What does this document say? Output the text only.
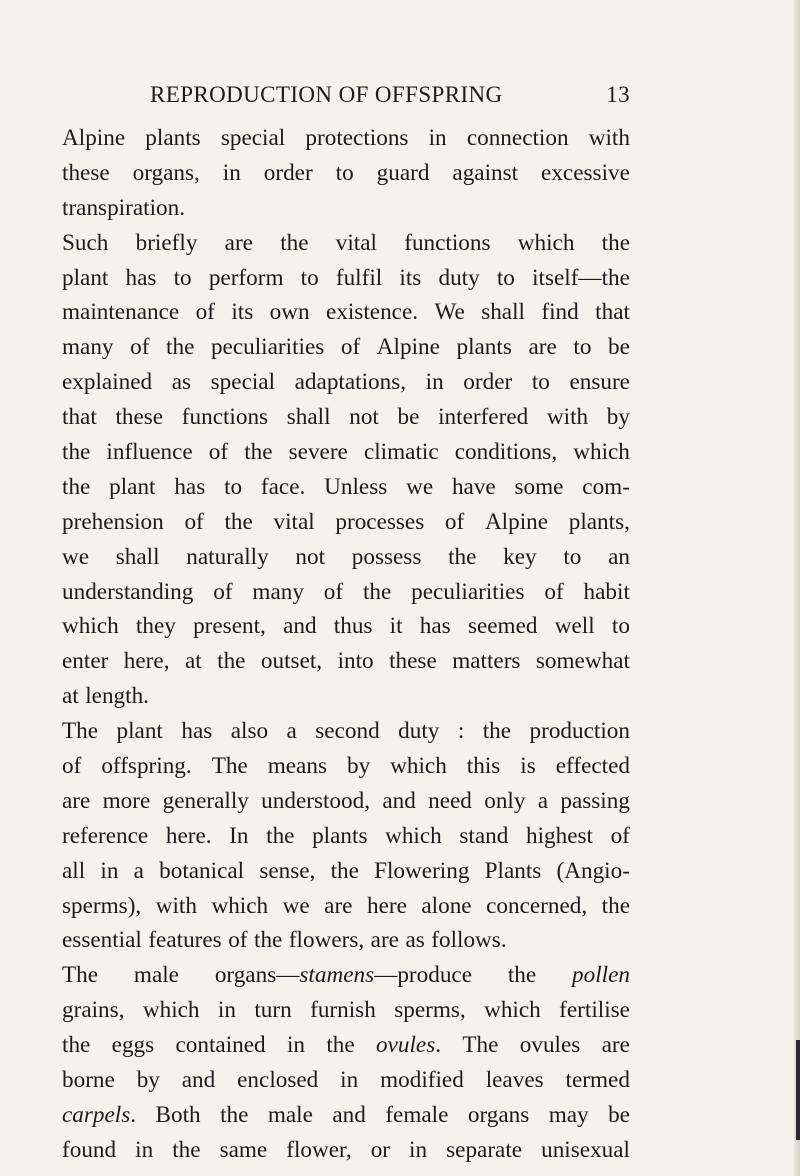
REPRODUCTION OF OFFSPRING	13
Alpine plants special protections in connection with
these organs, in order to guard against excessive
transpiration.
Such briefly are the vital functions which the
plant has to perform to fulfil its duty to itself—the
maintenance of its own existence. We shall find that
many of the peculiarities of Alpine plants are to be
explained as special adaptations, in order to ensure
that these functions shall not be interfered with by
the influence of the severe climatic conditions, which
the plant has to face. Unless we have some com-
prehension of the vital processes of Alpine plants,
we shall naturally not possess the key to an
understanding of many of the peculiarities of habit
which they present, and thus it has seemed well to
enter here, at the outset, into these matters somewhat
at length.
The plant has also a second duty : the production
of offspring. The means by which this is effected
are more generally understood, and need only a passing
reference here. In the plants which stand highest of
all in a botanical sense, the Flowering Plants (Angio-
sperms), with which we are here alone concerned, the
essential features of the flowers, are as follows.
The male organs—stamens—produce the pollen
grains, which in turn furnish sperms, which fertilise
the eggs contained in the ovules. The ovules are
borne by and enclosed in modified leaves termed
carpels. Both the male and female organs may be
found in the same flower, or in separate unisexual
